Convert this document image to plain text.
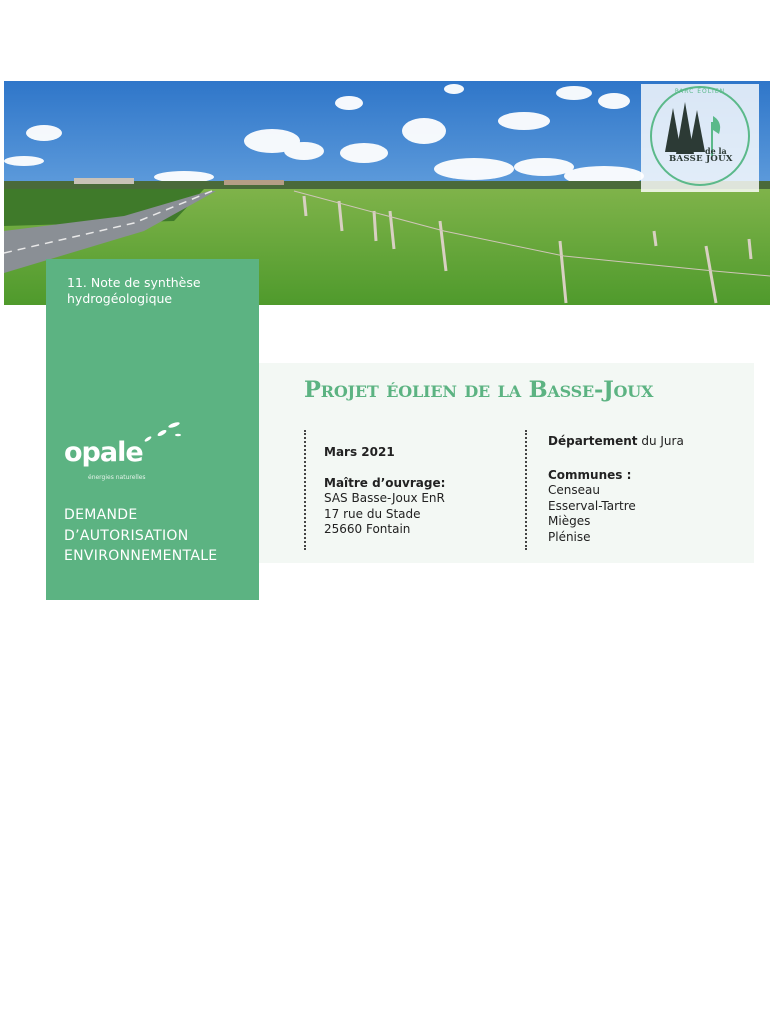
PARC ÉOLIEN
de la
BASSE JOUX
11. Note de synthèse hydrogéologique
opale
énergies naturelles
DEMANDE
D’AUTORISATION
ENVIRONNEMENTALE
Projet éolien de la Basse-Joux
Mars 2021
Maître d’ouvrage:
SAS Basse-Joux EnR
17 rue du Stade
25660 Fontain
Département du Jura
Communes :
Censeau
Esserval-Tartre
Mièges
Plénise
